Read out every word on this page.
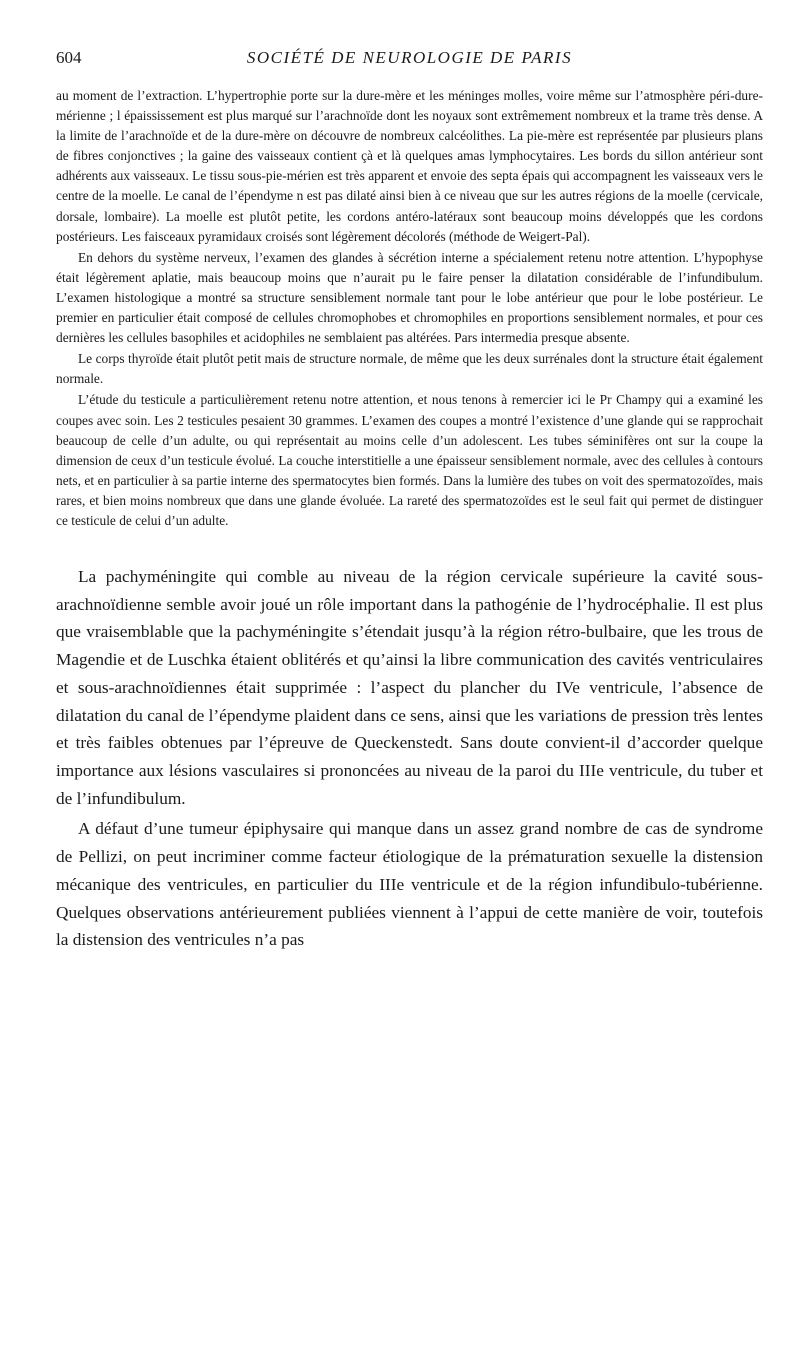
604	SOCIÉTÉ DE NEUROLOGIE DE PARIS

au moment de l’extraction. L’hypertrophie porte sur la dure-mère et les méninges molles, voire même sur l’atmosphère péri-dure-mérienne ; l épaississement est plus marqué sur l’arachnoïde dont les noyaux sont extrêmement nombreux et la trame très dense. A la limite de l’arachnoïde et de la dure-mère on découvre de nombreux calcéolithes. La pie-mère est représentée par plusieurs plans de fibres conjonctives ; la gaine des vaisseaux contient çà et là quelques amas lymphocytaires. Les bords du sillon antérieur sont adhérents aux vaisseaux. Le tissu sous-pie-mérien est très apparent et envoie des septa épais qui accompagnent les vaisseaux vers le centre de la moelle. Le canal de l’épendyme n est pas dilaté ainsi bien à ce niveau que sur les autres régions de la moelle (cervicale, dorsale, lombaire). La moelle est plutôt petite, les cordons antéro-latéraux sont beaucoup moins développés que les cordons postérieurs. Les faisceaux pyramidaux croisés sont légèrement décolorés (méthode de Weigert-Pal).

En dehors du système nerveux, l’examen des glandes à sécrétion interne a spécialement retenu notre attention. L’hypophyse était légèrement aplatie, mais beaucoup moins que n’aurait pu le faire penser la dilatation considérable de l’infundibulum. L’examen histologique a montré sa structure sensiblement normale tant pour le lobe antérieur que pour le lobe postérieur. Le premier en particulier était composé de cellules chromophobes et chromophiles en proportions sensiblement normales, et pour ces dernières les cellules basophiles et acidophiles ne semblaient pas altérées. Pars intermedia presque absente.

Le corps thyroïde était plutôt petit mais de structure normale, de même que les deux surrénales dont la structure était également normale.

L’étude du testicule a particulièrement retenu notre attention, et nous tenons à remercier ici le Pr Champy qui a examiné les coupes avec soin. Les 2 testicules pesaient 30 grammes. L’examen des coupes a montré l’existence d’une glande qui se rapprochait beaucoup de celle d’un adulte, ou qui représentait au moins celle d’un adolescent. Les tubes séminifères ont sur la coupe la dimension de ceux d’un testicule évolué. La couche interstitielle a une épaisseur sensiblement normale, avec des cellules à contours nets, et en particulier à sa partie interne des spermatocytes bien formés. Dans la lumière des tubes on voit des spermatozoïdes, mais rares, et bien moins nombreux que dans une glande évoluée. La rareté des spermatozoïdes est le seul fait qui permet de distinguer ce testicule de celui d’un adulte.

La pachyméningite qui comble au niveau de la région cervicale supérieure la cavité sous-arachnoïdienne semble avoir joué un rôle important dans la pathogénie de l’hydrocéphalie. Il est plus que vraisemblable que la pachyméningite s’étendait jusqu’à la région rétro-bulbaire, que les trous de Magendie et de Luschka étaient oblitérés et qu’ainsi la libre communication des cavités ventriculaires et sous-arachnoïdiennes était supprimée : l’aspect du plancher du IVe ventricule, l’absence de dilatation du canal de l’épendyme plaident dans ce sens, ainsi que les variations de pression très lentes et très faibles obtenues par l’épreuve de Queckenstedt. Sans doute convient-il d’accorder quelque importance aux lésions vasculaires si prononcées au niveau de la paroi du IIIe ventricule, du tuber et de l’infundibulum.

A défaut d’une tumeur épiphysaire qui manque dans un assez grand nombre de cas de syndrome de Pellizi, on peut incriminer comme facteur étiologique de la prématuration sexuelle la distension mécanique des ventricules, en particulier du IIIe ventricule et de la région infundibulo-tubérienne. Quelques observations antérieurement publiées viennent à l’appui de cette manière de voir, toutefois la distension des ventricules n’a pas
